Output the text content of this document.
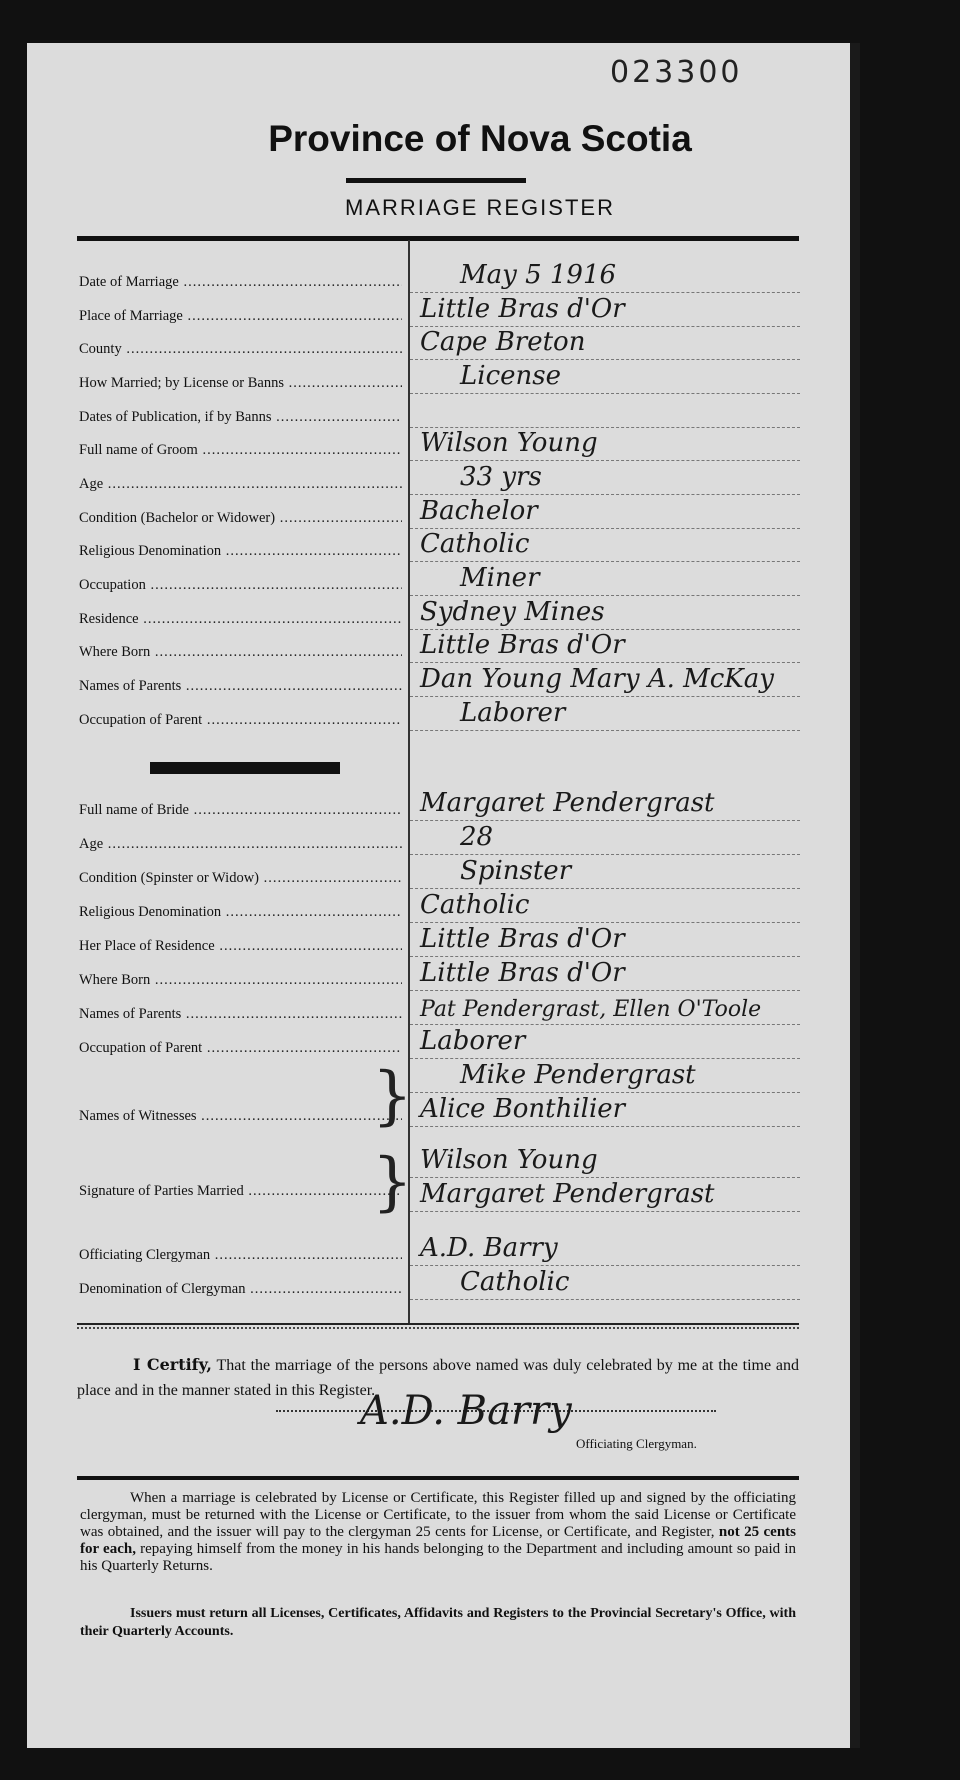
023300
Province of Nova Scotia
MARRIAGE REGISTER
Date of Marriage .....	May 5 1916
Place of Marriage .....	Little Bras d'Or
County .....	Cape Breton
How Married; by License or Banns .....	License
Dates of Publication, if by Banns .....
Full name of Groom .....	Wilson Young
Age .....	33 yrs
Condition (Bachelor or Widower) .....	Bachelor
Religious Denomination .....	Catholic
Occupation .....	Miner
Residence .....	Sydney Mines
Where Born .....	Little Bras d'Or
Names of Parents .....	Dan Young Mary A. McKay
Occupation of Parent .....	Laborer
Full name of Bride .....	Margaret Pendergrast
Age .....	28
Condition (Spinster or Widow) .....	Spinster
Religious Denomination .....	Catholic
Her Place of Residence .....	Little Bras d'Or
Where Born .....	Little Bras d'Or
Names of Parents .....	Pat Pendergrast, Ellen O'Toole
Occupation of Parent .....	Laborer
Mike Pendergrast
Names of Witnesses .....	Alice Bonthilier
}
Wilson Young
Signature of Parties Married .....	Margaret Pendergrast
}
Officiating Clergyman .....	A.D. Barry
Denomination of Clergyman .....	Catholic
I Certify, That the marriage of the persons above named was duly celebrated by me at the time and place and in the manner stated in this Register.
A.D. Barry
Officiating Clergyman.
When a marriage is celebrated by License or Certificate, this Register filled up and signed by the officiating clergyman, must be returned with the License or Certificate, to the issuer from whom the said License or Certificate was obtained, and the issuer will pay to the clergyman 25 cents for License, or Certificate, and Register, not 25 cents for each, repaying himself from the money in his hands belonging to the Department and including amount so paid in his Quarterly Returns.
Issuers must return all Licenses, Certificates, Affidavits and Registers to the Provincial Secretary's Office, with their Quarterly Accounts.
